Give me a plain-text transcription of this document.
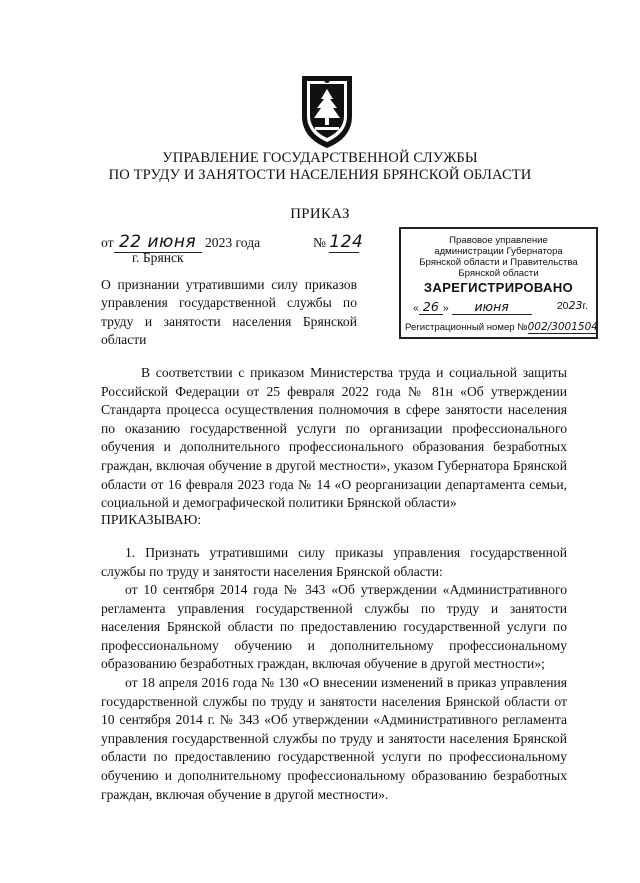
УПРАВЛЕНИЕ ГОСУДАРСТВЕННОЙ СЛУЖБЫ
ПО ТРУДУ И ЗАНЯТОСТИ НАСЕЛЕНИЯ БРЯНСКОЙ ОБЛАСТИ
ПРИКАЗ
от 22 июня 2023 года	№ 124
г. Брянск
Правовое управление
администрации Губернатора
Брянской области и Правительства
Брянской области
ЗАРЕГИСТРИРОВАНО
« 26 » июня	2023г.
Регистрационный номер №002/3001504
О признании утратившими силу приказов управления государственной службы по труду и занятости населения Брянской области
В соответствии с приказом Министерства труда и социальной защиты Российской Федерации от 25 февраля 2022 года № 81н «Об утверждении Стандарта процесса осуществления полномочия в сфере занятости населения по оказанию государственной услуги по организации профессионального обучения и дополнительного профессионального образования безработных граждан, включая обучение в другой местности», указом Губернатора Брянской области от 16 февраля 2023 года № 14 «О реорганизации департамента семьи, социальной и демографической политики Брянской области»
ПРИКАЗЫВАЮ:
1. Признать утратившими силу приказы управления государственной службы по труду и занятости населения Брянской области:
от 10 сентября 2014 года № 343 «Об утверждении «Административного регламента управления государственной службы по труду и занятости населения Брянской области по предоставлению государственной услуги по профессиональному обучению и дополнительному профессиональному образованию безработных граждан, включая обучение в другой местности»;
от 18 апреля 2016 года № 130 «О внесении изменений в приказ управления государственной службы по труду и занятости населения Брянской области от 10 сентября 2014 г. № 343 «Об утверждении «Административного регламента управления государственной службы по труду и занятости населения Брянской области по предоставлению государственной услуги по профессиональному обучению и дополнительному профессиональному образованию безработных граждан, включая обучение в другой местности».
